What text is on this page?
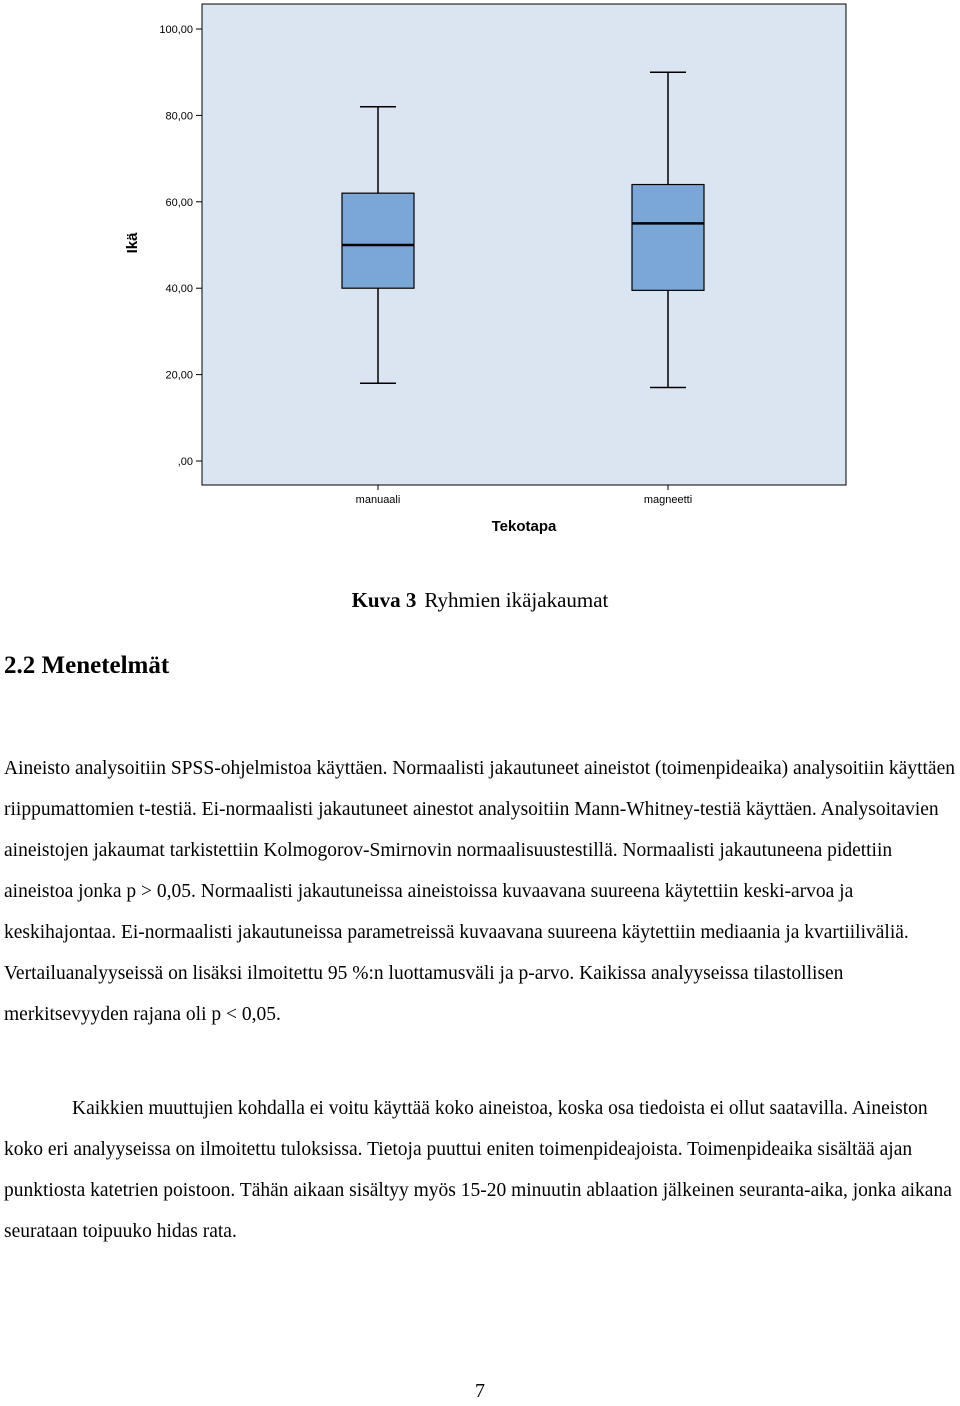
,00
20,00
40,00
60,00
80,00
100,00
Ikä
Tekotapa
manuaali	magneetti
Kuva 3 Ryhmien ikäjakaumat
2.2 Menetelmät

Aineisto analysoitiin SPSS-ohjelmistoa käyttäen. Normaalisti jakautuneet aineistot (toimenpideaika) analysoitiin käyttäen riippumattomien t-testiä. Ei-normaalisti jakautuneet ainestot analysoitiin Mann-Whitney-testiä käyttäen. Analysoitavien aineistojen jakaumat tarkistettiin Kolmogorov-Smirnovin normaalisuustestillä. Normaalisti jakautuneena pidettiin aineistoa jonka p > 0,05. Normaalisti jakautuneissa aineistoissa kuvaavana suureena käytettiin keski-arvoa ja keskihajontaa. Ei-normaalisti jakautuneissa parametreissä kuvaavana suureena käytettiin mediaania ja kvartiiliväliä. Vertailuanalyyseissä on lisäksi ilmoitettu 95 %:n luottamusväli ja p-arvo. Kaikissa analyyseissa tilastollisen merkitsevyyden rajana oli p < 0,05.

Kaikkien muuttujien kohdalla ei voitu käyttää koko aineistoa, koska osa tiedoista ei ollut saatavilla. Aineiston koko eri analyyseissa on ilmoitettu tuloksissa. Tietoja puuttui eniten toimenpideajoista. Toimenpideaika sisältää ajan punktiosta katetrien poistoon. Tähän aikaan sisältyy myös 15-20 minuutin ablaation jälkeinen seuranta-aika, jonka aikana seurataan toipuuko hidas rata.

7
